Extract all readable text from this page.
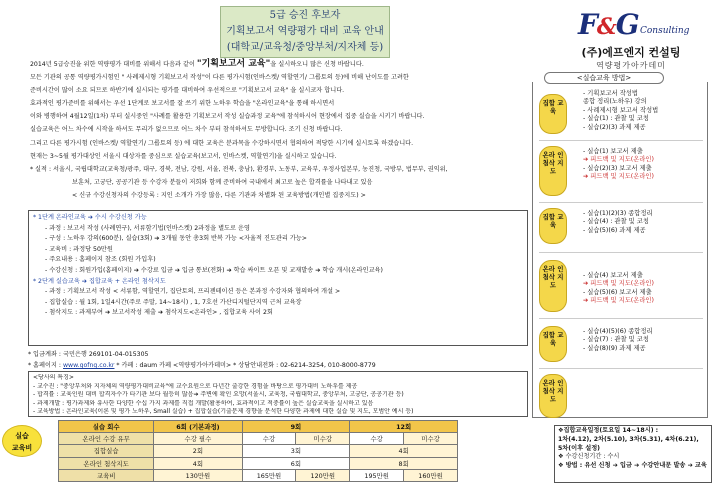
5급 승진 후보자
기획보고서 역량평가 대비 교육 안내
(대학교/교육청/중앙부처/지자체 등)
F&G Consulting
(주)에프엔지 컨설팅
역량평가아카데미

2014년 5급승진을 위한 역량평가 대비를 위해서 다음과 같이 "기획보고서 교육"을 실시하오니 많은 신청 바랍니다.

모든 기관의 공통 역량평가시험인 " 사례제시형 기획보고서 작성"이 다른 평가시험(인바스켓/ 역할연기/ 그룹토의 등)에 비해 난이도를 고려한

준비시간이 많이 소요 되므로 하반기에 실시되는 평가를 대비하여 우선적으로 "기획보고서 교육" 을 실시코자 합니다.

효과적인 평가준비를 위해서는 우선 1단계로 보고서를 잘 쓰기 위한 노하우 학습을 "온라인교육"을 통해 하시면서

이와 병행하여 4월12일(1차) 부터 실시중인 "사례를 활용한 기획보고서 작성 실습과정 교육"에 참석하시어 현장에서 집중 실습을 시키기 바랍니다.

실습교육은 어느 차수에 시작을 하셔도 무리가 없으므로 어느 차수 부터 참석하셔도 무방합니다. 조기 신청 바랍니다.

그리고 다른 평가시험 (인바스켓/ 역할연기/ 그룹토의 등) 에 대한 교육은 분과목을 수강하시면서 협의하여 적당한 시기에 실시토록 하겠습니다.

현재는 3~5월 평가대상인 서울시 대상자를 중심으로 실습교육(보고서, 인바스켓, 역할연기)을 실시하고 있습니다.

* 실적 : 서울시, 국립대학교(교육청/광주, 대구, 경북, 전남, 강원, 서울, 전북, 충남), 환경부, 노동부, 교육부, 우정사업본부, 농진청, 국방부, 법무부, 권익위,

보훈처, 고궁단, 공공기관 등 수강자 분들이 저희와 함께 준비하여 국내에서 최고로 높은 합격률을 나타내고 있음

< 신규 수강신청자의 수강등록 : 지인 소개가 가장 많음, 다른 기관과 차별화 된 교육방법(개인별 집중지도) >

* 1단계 온라인교육 ➔ 수시 수강신청 가능

- 과정 : 보고서 작성 (사례연구), 서류함기법(인바스켓) 2과정을 별도로 운영

- 구성 : 노하우 강의(600분), 실습(3회) ➔ 3개월 동안 총3회 반복 가능 <자율적 진도관리 가능>

- 교육비 : 과정당 50만원

- 주요내용 : 홈페이지 참조 (회원 가입후)

- 수강신청 : 회원가입(홈페이지) ➔ 수강료 입금 ➔ 입금 통보(전화) ➔ 학습 싸이트 오픈 및 교재발송 ➔ 학습 개시(온라인교육)

* 2단계 실습교육 ➔ 집합교육 + 온라인 첨삭지도

- 과정 : 기획보고서 작성 < 서류함, 역할연기, 집단토의, 프리젠테이션 등은 본과정 수강자와 협의하여 개설 >

- 집합실습 : 월 1회, 1일4시간(주로 주말, 14~18시) , 1, 7호선 가산디지털단지역 근처 교육장

- 첨삭지도 : 과제부여 ➔ 보고서작성 제출 ➔ 첨삭지도<온라인> , 집합교육 사이 2회

* 입금계좌 : 국민은행 269101-04-015305

* 홈페이지 : www.gofng.co.kr * 카페 : daum 카페 <역량평가아카데미> * 상담안내전화 : 02-6214-3254, 010-8000-8779

<당사의 특징>

- 교수진 : "중앙부처와 지자체의 역량평가대비교육"에 교수요원으로 다년간 출강한 경험을 바탕으로 평가대비 노하우를 제공

- 합격률 : 교육인원 대비 합격자수가 타기관 보다 월등히 많음➔ 주변에 확인 요망(서울시, 교육청, 국립대학교, 중앙부처, 고궁단, 공공기관 등)

- 과제개발 : 평가과제와 유사한 다양한 수십 가지 과제를 직접 개발(활용하여, 효과적이고 적중률이 높은 실습교육을 실시하고 있음

- 교육방법 : 온라인교육(이론 및 평가 노하우, Small 실습) + 집합실습(기출문제 경향을 분석한 다양한 과제에 대한 실습 및 지도, 모범안 예시 등)

실습
교육비
실습 회수	6회 (기본과정)	9회		12회	
온라인 수강 유무	수강 필수	수강	미수강	수강	미수강
집합실습	2회	3회		4회	
온라인 첨삭지도	4회	6회		8회	
교육비	130만원	165만원	120만원	195만원	160만원
집합 교육
- 기획보고서 작성법
종합 정리(노하우) 강의
- 사례제시형 보고서 작성법
- 실습(1) : 관찰 및 코칭
- 실습(2)(3) 과제 제공
온라 인 첨삭 지도
- 실습(1) 보고서 제출
➔ 피드백 및 지도(온라인)
- 실습(2)(3) 보고서 제출
➔ 피드백 및 지도(온라인)
집합 교육
- 실습(1)(2)(3) 종합정리
- 실습(4) : 관찰 및 코칭
- 실습(5)(6) 과제 제공
온라 인 첨삭 지도
- 실습(4) 보고서 제출
➔ 피드백 및 지도(온라인)
- 실습(5)(6) 보고서 제출
➔ 피드백 및 지도(온라인)
집합 교육
- 실습(4)(5)(6) 종합정리
- 실습(7) : 관찰 및 코칭
- 실습(8)(9) 과제 제공
온라 인 첨삭 지도
<실습교육 방법>

❖집합교육일정(토요일 14~18시) :

1차(4.12), 2차(5.10), 3차(5.31), 4차(6.21),

5차(이후 설정)

❖ 수강신청기간 : 수시

❖ 방법 : 유선 신청 ➔ 입금 ➔ 수강안내문 발송 ➔ 교육
